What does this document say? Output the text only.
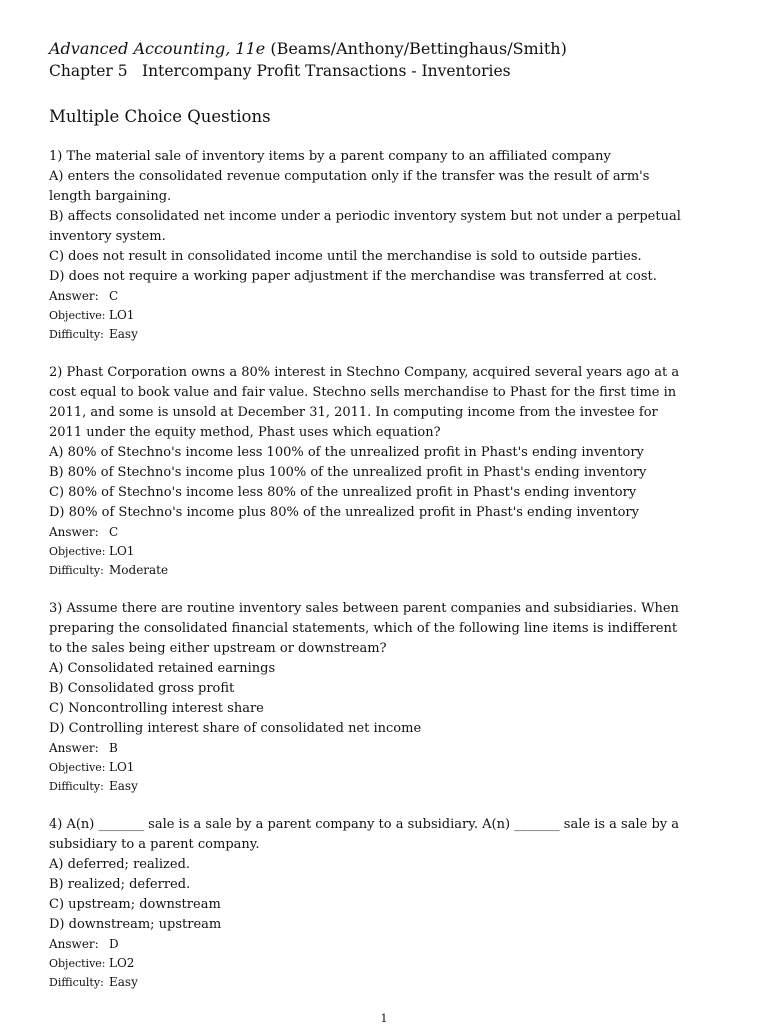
Advanced Accounting, 11e (Beams/Anthony/Bettinghaus/Smith)
Chapter 5 Intercompany Profit Transactions - Inventories
Multiple Choice Questions

1) The material sale of inventory items by a parent company to an affiliated company

A) enters the consolidated revenue computation only if the transfer was the result of arm's length bargaining.

B) affects consolidated net income under a periodic inventory system but not under a perpetual inventory system.

C) does not result in consolidated income until the merchandise is sold to outside parties.

D) does not require a working paper adjustment if the merchandise was transferred at cost.

Answer: C
Objective: LO1
Difficulty: Easy

2) Phast Corporation owns a 80% interest in Stechno Company, acquired several years ago at a cost equal to book value and fair value. Stechno sells merchandise to Phast for the first time in 2011, and some is unsold at December 31, 2011. In computing income from the investee for 2011 under the equity method, Phast uses which equation?

A) 80% of Stechno's income less 100% of the unrealized profit in Phast's ending inventory

B) 80% of Stechno's income plus 100% of the unrealized profit in Phast's ending inventory

C) 80% of Stechno's income less 80% of the unrealized profit in Phast's ending inventory

D) 80% of Stechno's income plus 80% of the unrealized profit in Phast's ending inventory

Answer: C
Objective: LO1
Difficulty: Moderate

3) Assume there are routine inventory sales between parent companies and subsidiaries. When preparing the consolidated financial statements, which of the following line items is indifferent to the sales being either upstream or downstream?

A) Consolidated retained earnings

B) Consolidated gross profit

C) Noncontrolling interest share

D) Controlling interest share of consolidated net income

Answer: B
Objective: LO1
Difficulty: Easy

4) A(n) _______ sale is a sale by a parent company to a subsidiary. A(n) _______ sale is a sale by a subsidiary to a parent company.

A) deferred; realized.

B) realized; deferred.

C) upstream; downstream

D) downstream; upstream

Answer: D
Objective: LO2
Difficulty: Easy
1
